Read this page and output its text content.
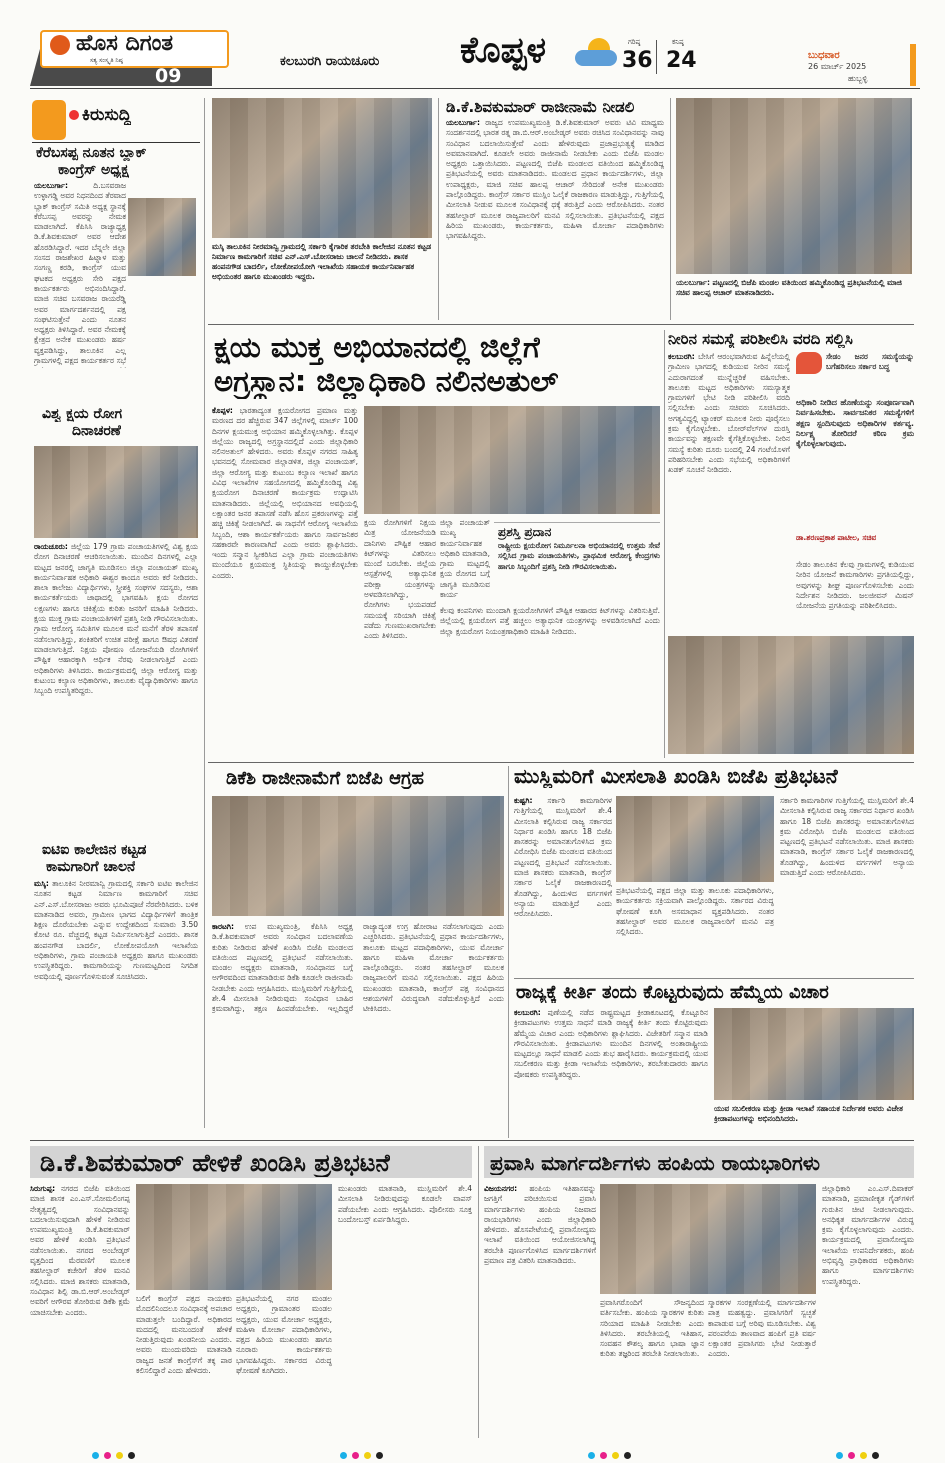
ಹೊಸ ದಿಗಂತ
ಸತ್ಯ ಸಂಸ್ಕೃತಿ ನಿಷ್ಠ
09
ಕಲಬುರಗಿ ರಾಯಚೂರು ಕೊಪ್ಪಳ	ಗರಿಷ್ಠ
36
ಕನಿಷ್ಠ
24	ಬುಧವಾರ
26 ಮಾರ್ಚ್ 2025
ಹುಬ್ಬಳ್ಳಿ
ಕಿರುಸುದ್ದಿ
ಕೆರೆಬಸಪ್ಪ ನೂತನ ಬ್ಲಾಕ್
ಕಾಂಗ್ರೆಸ್ ಅಧ್ಯಕ್ಷ
ಯಲಬುರ್ಗಾ:	ದಿ.ಬಸವರಾಜ ಉಳ್ಳಾಗಡ್ಡಿ ಅವರ ನಿಧನದಿಂದ ತೆರವಾದ ಬ್ಲಾಕ್ ಕಾಂಗ್ರೆಸ್ ಸಮಿತಿ ಅಧ್ಯಕ್ಷ ಸ್ಥಾನಕ್ಕೆ ಕೆರೆಬಸಪ್ಪ ಅವರನ್ನು ನೇಮಕ ಮಾಡಲಾಗಿದೆ. ಕೆಪಿಸಿಸಿ ರಾಜ್ಯಾಧ್ಯಕ್ಷ ಡಿ.ಕೆ.ಶಿವಕುಮಾರ್ ಅವರ ಆದೇಶ ಹೊರಡಿಸಿದ್ದಾರೆ. ಇದರ ಬೆನ್ನಲೇ ಜಿಲ್ಲಾ ಸಂಸದ ರಾಜಶೇಖರ ಹಿಟ್ನಾಳ ಮತ್ತು ಸಂಗಣ್ಣ ಕರಡಿ, ಕಾಂಗ್ರೆಸ್ ಯುವ ಘಟಕದ ಅಧ್ಯಕ್ಷರು ಸೇರಿ ಪಕ್ಷದ ಕಾರ್ಯಕರ್ತರು ಅಭಿನಂದಿಸಿದ್ದಾರೆ. ಮಾಜಿ ಸಚಿವ ಬಸವರಾಜ ರಾಯರೆಡ್ಡಿ ಅವರ ಮಾರ್ಗದರ್ಶನದಲ್ಲಿ ಪಕ್ಷ ಸಂಘಟಿಸುತ್ತೇನೆ ಎಂದು ನೂತನ ಅಧ್ಯಕ್ಷರು ತಿಳಿಸಿದ್ದಾರೆ. ಅವರ ನೇಮಕಕ್ಕೆ ಕ್ಷೇತ್ರದ ಅನೇಕ ಮುಖಂಡರು ಹರ್ಷ ವ್ಯಕ್ತಪಡಿಸಿದ್ದು, ತಾಲೂಕಿನ ಎಲ್ಲ ಗ್ರಾಮಗಳಲ್ಲಿ ಪಕ್ಷದ ಕಾರ್ಯಕರ್ತರ ಸಭೆ
ವಿಶ್ವ ಕ್ಷಯ ರೋಗ
ದಿನಾಚರಣೆ
ರಾಯಚೂರು: ಜಿಲ್ಲೆಯ 179 ಗ್ರಾಮ ಪಂಚಾಯತಿಗಳಲ್ಲಿ ವಿಶ್ವ ಕ್ಷಯ ರೋಗ ದಿನಾಚರಣೆ ಆಚರಿಸಲಾಯಿತು. ಮುಂದಿನ ದಿನಗಳಲ್ಲಿ ಎಲ್ಲಾ ಮಟ್ಟದ ಜನರಲ್ಲಿ ಜಾಗೃತಿ ಮೂಡಿಸಲು ಜಿಲ್ಲಾ ಪಂಚಾಯತ್ ಮುಖ್ಯ ಕಾರ್ಯನಿರ್ವಾಹಕ ಅಧಿಕಾರಿ ಈಶ್ವರ ಕಾಂದೂ ಅವರು ಕರೆ ನೀಡಿದರು. ಶಾಲಾ ಕಾಲೇಜು ವಿದ್ಯಾರ್ಥಿಗಳು, ಸ್ತ್ರೀಶಕ್ತಿ ಸಂಘಗಳ ಸದಸ್ಯರು, ಆಶಾ ಕಾರ್ಯಕರ್ತೆಯರು ಜಾಥಾದಲ್ಲಿ ಭಾಗವಹಿಸಿ ಕ್ಷಯ ರೋಗದ ಲಕ್ಷಣಗಳು ಹಾಗೂ ಚಿಕಿತ್ಸೆಯ ಕುರಿತು ಜನರಿಗೆ ಮಾಹಿತಿ ನೀಡಿದರು. ಕ್ಷಯ ಮುಕ್ತ ಗ್ರಾಮ ಪಂಚಾಯತಿಗಳಿಗೆ ಪ್ರಶಸ್ತಿ ನೀಡಿ ಗೌರವಿಸಲಾಯಿತು. ಗ್ರಾಮ ಆರೋಗ್ಯ ಸಮಿತಿಗಳ ಮೂಲಕ ಮನೆ ಮನೆಗೆ ತೆರಳಿ ತಪಾಸಣೆ ನಡೆಸಲಾಗುತ್ತಿದ್ದು, ಶಂಕಿತರಿಗೆ ಉಚಿತ ಪರೀಕ್ಷೆ ಹಾಗೂ ಔಷಧ ವಿತರಣೆ ಮಾಡಲಾಗುತ್ತಿದೆ. ನಿಕ್ಷಯ ಪೋಷಣ ಯೋಜನೆಯಡಿ ರೋಗಿಗಳಿಗೆ ಪೌಷ್ಟಿಕ ಆಹಾರಕ್ಕಾಗಿ ಆರ್ಥಿಕ ನೆರವು ನೀಡಲಾಗುತ್ತಿದೆ ಎಂದು ಅಧಿಕಾರಿಗಳು ತಿಳಿಸಿದರು. ಕಾರ್ಯಕ್ರಮದಲ್ಲಿ ಜಿಲ್ಲಾ ಆರೋಗ್ಯ ಮತ್ತು ಕುಟುಂಬ ಕಲ್ಯಾಣ ಅಧಿಕಾರಿಗಳು, ತಾಲೂಕು ವೈದ್ಯಾಧಿಕಾರಿಗಳು ಹಾಗೂ ಸಿಬ್ಬಂದಿ ಉಪಸ್ಥಿತರಿದ್ದರು.
ಐಟಿಐ ಕಾಲೇಜಿನ ಕಟ್ಟಡ
ಕಾಮಗಾರಿಗೆ ಚಾಲನೆ
ಮಸ್ಕಿ: ತಾಲೂಕಿನ ನೀರಮಾನ್ವಿ ಗ್ರಾಮದಲ್ಲಿ ಸರ್ಕಾರಿ ಐಟಿಐ ಕಾಲೇಜಿನ ನೂತನ ಕಟ್ಟಡ ನಿರ್ಮಾಣ ಕಾಮಗಾರಿಗೆ ಸಚಿವ ಎನ್.ಎಸ್.ಬೋಸರಾಜು ಅವರು ಭೂಮಿಪೂಜೆ ನೆರವೇರಿಸಿದರು. ಬಳಿಕ ಮಾತನಾಡಿದ ಅವರು, ಗ್ರಾಮೀಣ ಭಾಗದ ವಿದ್ಯಾರ್ಥಿಗಳಿಗೆ ತಾಂತ್ರಿಕ ಶಿಕ್ಷಣ ದೊರೆಯಬೇಕು ಎನ್ನುವ ಉದ್ದೇಶದಿಂದ ಸುಮಾರು 3.50 ಕೋಟಿ ರೂ. ವೆಚ್ಚದಲ್ಲಿ ಕಟ್ಟಡ ನಿರ್ಮಿಸಲಾಗುತ್ತಿದೆ ಎಂದರು. ಶಾಸಕ ಹಂಪನಗೌಡ ಬಾದರ್ಲಿ, ಲೋಕೋಪಯೋಗಿ ಇಲಾಖೆಯ ಅಧಿಕಾರಿಗಳು, ಗ್ರಾಮ ಪಂಚಾಯತಿ ಅಧ್ಯಕ್ಷರು ಹಾಗೂ ಮುಖಂಡರು ಉಪಸ್ಥಿತರಿದ್ದರು. ಕಾಮಗಾರಿಯನ್ನು ಗುಣಮಟ್ಟದಿಂದ ನಿಗದಿತ ಅವಧಿಯಲ್ಲಿ ಪೂರ್ಣಗೊಳಿಸುವಂತೆ ಸೂಚಿಸಿದರು.
ಮಸ್ಕಿ ತಾಲೂಕಿನ ನೀರಮಾನ್ವಿ ಗ್ರಾಮದಲ್ಲಿ ಸರ್ಕಾರಿ ಕೈಗಾರಿಕ ತರಬೇತಿ ಕಾಲೇಜಿನ ನೂತನ ಕಟ್ಟಡ ನಿರ್ಮಾಣ ಕಾಮಗಾರಿಗೆ ಸಚಿವ ಎನ್.ಎಸ್.ಬೋಸರಾಜು ಚಾಲನೆ ನೀಡಿದರು. ಶಾಸಕ ಹಂಪನಗೌಡ ಬಾದರ್ಲಿ, ಲೋಕೋಪಯೋಗಿ ಇಲಾಖೆಯ ಸಹಾಯಕ ಕಾರ್ಯನಿರ್ವಾಹಕ ಅಭಿಯಂತರ ಹಾಗೂ ಮುಖಂಡರು ಇದ್ದರು.
ಡಿ.ಕೆ.ಶಿವಕುಮಾರ್ ರಾಜೀನಾಮೆ ನೀಡಲಿ
ಯಲಬುರ್ಗಾ: ರಾಜ್ಯದ ಉಪಮುಖ್ಯಮಂತ್ರಿ ಡಿ.ಕೆ.ಶಿವಕುಮಾರ್ ಅವರು ಟಿವಿ ಮಾಧ್ಯಮ ಸಂದರ್ಶನದಲ್ಲಿ ಭಾರತ ರತ್ನ ಡಾ.ಬಿ.ಆರ್.ಅಂಬೇಡ್ಕರ್ ಅವರು ರಚಿಸಿದ ಸಂವಿಧಾನವನ್ನು ನಾವು ಸಂವಿಧಾನ ಬದಲಾಯಿಸುತ್ತೇವೆ ಎಂದು ಹೇಳಿರುವುದು ಪ್ರಜಾಪ್ರಭುತ್ವಕ್ಕೆ ಮಾಡಿದ ಅವಮಾನವಾಗಿದೆ. ಕೂಡಲೇ ಅವರು ರಾಜೀನಾಮೆ ನೀಡಬೇಕು ಎಂದು ಬಿಜೆಪಿ ಮಂಡಲ ಅಧ್ಯಕ್ಷರು ಒತ್ತಾಯಿಸಿದರು. ಪಟ್ಟಣದಲ್ಲಿ ಬಿಜೆಪಿ ಮಂಡಲದ ವತಿಯಿಂದ ಹಮ್ಮಿಕೊಂಡಿದ್ದ ಪ್ರತಿಭಟನೆಯಲ್ಲಿ ಅವರು ಮಾತನಾಡಿದರು. ಮಂಡಲದ ಪ್ರಧಾನ ಕಾರ್ಯದರ್ಶಿಗಳು, ಜಿಲ್ಲಾ ಉಪಾಧ್ಯಕ್ಷರು, ಮಾಜಿ ಸಚಿವ ಹಾಲಪ್ಪ ಆಚಾರ್ ಸೇರಿದಂತೆ ಅನೇಕ ಮುಖಂಡರು ಪಾಲ್ಗೊಂಡಿದ್ದರು. ಕಾಂಗ್ರೆಸ್ ಸರ್ಕಾರ ಮುಸ್ಲಿಂ ಓಲೈಕೆ ರಾಜಕಾರಣ ಮಾಡುತ್ತಿದ್ದು, ಗುತ್ತಿಗೆಯಲ್ಲಿ ಮೀಸಲಾತಿ ನೀಡುವ ಮೂಲಕ ಸಂವಿಧಾನಕ್ಕೆ ಧಕ್ಕೆ ತರುತ್ತಿದೆ ಎಂದು ಆರೋಪಿಸಿದರು. ನಂತರ ತಹಸೀಲ್ದಾರ್ ಮೂಲಕ ರಾಜ್ಯಪಾಲರಿಗೆ ಮನವಿ ಸಲ್ಲಿಸಲಾಯಿತು. ಪ್ರತಿಭಟನೆಯಲ್ಲಿ ಪಕ್ಷದ ಹಿರಿಯ ಮುಖಂಡರು, ಕಾರ್ಯಕರ್ತರು, ಮಹಿಳಾ ಮೋರ್ಚಾ ಪದಾಧಿಕಾರಿಗಳು ಭಾಗವಹಿಸಿದ್ದರು.
ಯಲಬುರ್ಗಾ: ಪಟ್ಟಣದಲ್ಲಿ ಬಿಜೆಪಿ ಮಂಡಲ ವತಿಯಿಂದ ಹಮ್ಮಿಕೊಂಡಿದ್ದ ಪ್ರತಿಭಟನೆಯಲ್ಲಿ ಮಾಜಿ ಸಚಿವ ಹಾಲಪ್ಪ ಆಚಾರ್ ಮಾತನಾಡಿದರು.
ಕ್ಷಯ ಮುಕ್ತ ಅಭಿಯಾನದಲ್ಲಿ ಜಿಲ್ಲೆಗೆ
ಅಗ್ರಸ್ಥಾನ: ಜಿಲ್ಲಾಧಿಕಾರಿ ನಲಿನಅತುಲ್
ಕೊಪ್ಪಳ: ಭಾರತಾದ್ಯಂತ ಕ್ಷಯರೋಗದ ಪ್ರಮಾಣ ಮತ್ತು ಮರಣದ ದರ ಹೆಚ್ಚಿರುವ 347 ಜಿಲ್ಲೆಗಳಲ್ಲಿ ಮಾರ್ಚ್ 100 ದಿನಗಳ ಕ್ಷಯಮುಕ್ತ ಅಭಿಯಾನ ಹಮ್ಮಿಕೊಳ್ಳಲಾಗಿತ್ತು. ಕೊಪ್ಪಳ ಜಿಲ್ಲೆಯು ರಾಜ್ಯದಲ್ಲಿ ಅಗ್ರಸ್ಥಾನದಲ್ಲಿದೆ ಎಂದು ಜಿಲ್ಲಾಧಿಕಾರಿ ನಲಿನಅತುಲ್ ಹೇಳಿದರು. ಅವರು ಕೊಪ್ಪಳ ನಗರದ ಸಾಹಿತ್ಯ ಭವನದಲ್ಲಿ ಸೋಮವಾರ ಜಿಲ್ಲಾಡಳಿತ, ಜಿಲ್ಲಾ ಪಂಚಾಯತ್, ಜಿಲ್ಲಾ ಆರೋಗ್ಯ ಮತ್ತು ಕುಟುಂಬ ಕಲ್ಯಾಣ ಇಲಾಖೆ ಹಾಗೂ ವಿವಿಧ ಇಲಾಖೆಗಳ ಸಹಯೋಗದಲ್ಲಿ ಹಮ್ಮಿಕೊಂಡಿದ್ದ ವಿಶ್ವ ಕ್ಷಯರೋಗ ದಿನಾಚರಣೆ ಕಾರ್ಯಕ್ರಮ ಉದ್ಘಾಟಿಸಿ ಮಾತನಾಡಿದರು. ಜಿಲ್ಲೆಯಲ್ಲಿ ಅಭಿಯಾನದ ಅವಧಿಯಲ್ಲಿ ಲಕ್ಷಾಂತರ ಜನರ ತಪಾಸಣೆ ನಡೆಸಿ ಹೊಸ ಪ್ರಕರಣಗಳನ್ನು ಪತ್ತೆ ಹಚ್ಚಿ ಚಿಕಿತ್ಸೆ ನೀಡಲಾಗಿದೆ. ಈ ಸಾಧನೆಗೆ ಆರೋಗ್ಯ ಇಲಾಖೆಯ ಸಿಬ್ಬಂದಿ, ಆಶಾ ಕಾರ್ಯಕರ್ತೆಯರು ಹಾಗೂ ಸಾರ್ವಜನಿಕರ ಸಹಕಾರವೇ ಕಾರಣವಾಗಿದೆ ಎಂದು ಅವರು ಶ್ಲಾಘಿಸಿದರು. ಇಂದು ಸನ್ಮಾನ ಸ್ವೀಕರಿಸಿದ ಎಲ್ಲಾ ಗ್ರಾಮ ಪಂಚಾಯತಿಗಳು ಮುಂದೆಯೂ ಕ್ಷಯಮುಕ್ತ ಸ್ಥಿತಿಯನ್ನು ಕಾಯ್ದುಕೊಳ್ಳಬೇಕು ಎಂದರು.
ಕ್ಷಯ ರೋಗಿಗಳಿಗೆ ನಿಕ್ಷಯ ಮಿತ್ರ ಯೋಜನೆಯಡಿ ದಾನಿಗಳು ಪೌಷ್ಟಿಕ ಆಹಾರ ಕಿಟ್‌ಗಳನ್ನು ವಿತರಿಸಲು ಮುಂದೆ ಬರಬೇಕು. ಜಿಲ್ಲೆಯ ಆಸ್ಪತ್ರೆಗಳಲ್ಲಿ ಅತ್ಯಾಧುನಿಕ ಪರೀಕ್ಷಾ ಯಂತ್ರಗಳನ್ನು ಅಳವಡಿಸಲಾಗಿದ್ದು, ರೋಗಿಗಳು ಭಯಪಡದೆ ಸಮಯಕ್ಕೆ ಸರಿಯಾಗಿ ಚಿಕಿತ್ಸೆ ಪಡೆದು ಗುಣಮುಖರಾಗಬೇಕು ಎಂದು ತಿಳಿಸಿದರು.
ಜಿಲ್ಲಾ ಪಂಚಾಯತ್ ಮುಖ್ಯ ಕಾರ್ಯನಿರ್ವಾಹಕ ಅಧಿಕಾರಿ ಮಾತನಾಡಿ, ಗ್ರಾಮ ಮಟ್ಟದಲ್ಲಿ ಕ್ಷಯ ರೋಗದ ಬಗ್ಗೆ ಜಾಗೃತಿ ಮೂಡಿಸುವ ಕಾರ್ಯ
ಪ್ರಶಸ್ತಿ ಪ್ರದಾನ
ರಾಷ್ಟ್ರೀಯ ಕ್ಷಯರೋಗ ನಿರ್ಮೂಲನಾ ಅಭಿಯಾನದಲ್ಲಿ ಉತ್ತಮ ಸೇವೆ ಸಲ್ಲಿಸಿದ ಗ್ರಾಮ ಪಂಚಾಯತಿಗಳು, ಪ್ರಾಥಮಿಕ ಆರೋಗ್ಯ ಕೇಂದ್ರಗಳು ಹಾಗೂ ಸಿಬ್ಬಂದಿಗೆ ಪ್ರಶಸ್ತಿ ನೀಡಿ ಗೌರವಿಸಲಾಯಿತು.
ಕೆಲವು ಕಂಪನಿಗಳು ಮುಂದಾಗಿ ಕ್ಷಯರೋಗಿಗಳಿಗೆ ಪೌಷ್ಟಿಕ ಆಹಾರದ ಕಿಟ್‌ಗಳನ್ನು ವಿತರಿಸುತ್ತಿವೆ. ಜಿಲ್ಲೆಯಲ್ಲಿ ಕ್ಷಯರೋಗ ಪತ್ತೆ ಹಚ್ಚಲು ಅತ್ಯಾಧುನಿಕ ಯಂತ್ರಗಳನ್ನು ಅಳವಡಿಸಲಾಗಿದೆ ಎಂದು ಜಿಲ್ಲಾ ಕ್ಷಯರೋಗ ನಿಯಂತ್ರಣಾಧಿಕಾರಿ ಮಾಹಿತಿ ನೀಡಿದರು.
ನೀರಿನ ಸಮಸ್ಯೆ ಪರಿಶೀಲಿಸಿ ವರದಿ ಸಲ್ಲಿಸಿ
ಕಲಬುರಗಿ: ಬೇಸಿಗೆ ಆರಂಭವಾಗಿರುವ ಹಿನ್ನೆಲೆಯಲ್ಲಿ ಗ್ರಾಮೀಣ ಭಾಗದಲ್ಲಿ ಕುಡಿಯುವ ನೀರಿನ ಸಮಸ್ಯೆ ಎದುರಾಗದಂತೆ ಮುನ್ನೆಚ್ಚರಿಕೆ ವಹಿಸಬೇಕು. ತಾಲೂಕು ಮಟ್ಟದ ಅಧಿಕಾರಿಗಳು ಸಮಸ್ಯಾತ್ಮಕ ಗ್ರಾಮಗಳಿಗೆ ಭೇಟಿ ನೀಡಿ ಪರಿಶೀಲಿಸಿ ವರದಿ ಸಲ್ಲಿಸಬೇಕು ಎಂದು ಸಚಿವರು ಸೂಚಿಸಿದರು. ಅಗತ್ಯವಿದ್ದಲ್ಲಿ ಟ್ಯಾಂಕರ್ ಮೂಲಕ ನೀರು ಪೂರೈಸಲು ಕ್ರಮ ಕೈಗೊಳ್ಳಬೇಕು. ಬೋರ್‌ವೆಲ್‌ಗಳ ದುರಸ್ತಿ ಕಾರ್ಯವನ್ನು ತಕ್ಷಣವೇ ಕೈಗೆತ್ತಿಕೊಳ್ಳಬೇಕು. ನೀರಿನ ಸಮಸ್ಯೆ ಕುರಿತು ದೂರು ಬಂದಲ್ಲಿ 24 ಗಂಟೆಯೊಳಗೆ ಪರಿಹರಿಸಬೇಕು ಎಂದು ಸಭೆಯಲ್ಲಿ ಅಧಿಕಾರಿಗಳಿಗೆ ಖಡಕ್ ಸೂಚನೆ ನೀಡಿದರು.
ಸೇಡಂ ಜನರ ಸಮಸ್ಯೆಯನ್ನು ಬಗೆಹರಿಸಲು ಸರ್ಕಾರ ಬದ್ಧ
ಅಧಿಕಾರಿ ನೀಡಿದ ಹೊಣೆಯನ್ನು ಸಂಪೂರ್ಣವಾಗಿ ನಿರ್ವಹಿಸಬೇಕು. ಸಾರ್ವಜನಿಕರ ಸಮಸ್ಯೆಗಳಿಗೆ ತಕ್ಷಣ ಸ್ಪಂದಿಸುವುದು ಅಧಿಕಾರಿಗಳ ಕರ್ತವ್ಯ. ನಿರ್ಲಕ್ಷ್ಯ ತೋರಿದರೆ ಕಠಿಣ ಕ್ರಮ ಕೈಗೊಳ್ಳಲಾಗುವುದು.
ಡಾ.ಶರಣಪ್ರಕಾಶ ಪಾಟೀಲ, ಸಚಿವ
ಸೇಡಂ ತಾಲೂಕಿನ ಕೆಲವು ಗ್ರಾಮಗಳಲ್ಲಿ ಕುಡಿಯುವ ನೀರಿನ ಯೋಜನೆ ಕಾಮಗಾರಿಗಳು ಪ್ರಗತಿಯಲ್ಲಿದ್ದು, ಅವುಗಳನ್ನು ಶೀಘ್ರ ಪೂರ್ಣಗೊಳಿಸಬೇಕು ಎಂದು ನಿರ್ದೇಶನ ನೀಡಿದರು. ಜಲಜೀವನ್ ಮಿಷನ್ ಯೋಜನೆಯ ಪ್ರಗತಿಯನ್ನು ಪರಿಶೀಲಿಸಿದರು.
ಡಿಕೆಶಿ ರಾಜೀನಾಮೆಗೆ ಬಿಜೆಪಿ ಆಗ್ರಹ
ಕಾರಟಗಿ: ಉಪ ಮುಖ್ಯಮಂತ್ರಿ, ಕೆಪಿಸಿಸಿ ಅಧ್ಯಕ್ಷ ಡಿ.ಕೆ.ಶಿವಕುಮಾರ್ ಅವರು ಸಂವಿಧಾನ ಬದಲಾವಣೆಯ ಕುರಿತು ನೀಡಿರುವ ಹೇಳಿಕೆ ಖಂಡಿಸಿ ಬಿಜೆಪಿ ಮಂಡಲದ ವತಿಯಿಂದ ಪಟ್ಟಣದಲ್ಲಿ ಪ್ರತಿಭಟನೆ ನಡೆಸಲಾಯಿತು. ಮಂಡಲ ಅಧ್ಯಕ್ಷರು ಮಾತನಾಡಿ, ಸಂವಿಧಾನದ ಬಗ್ಗೆ ಅಗೌರವದಿಂದ ಮಾತನಾಡಿರುವ ಡಿಕೆಶಿ ಕೂಡಲೇ ರಾಜೀನಾಮೆ ನೀಡಬೇಕು ಎಂದು ಆಗ್ರಹಿಸಿದರು. ಮುಸ್ಲಿಮರಿಗೆ ಗುತ್ತಿಗೆಯಲ್ಲಿ ಶೇ.4 ಮೀಸಲಾತಿ ನೀಡಿರುವುದು ಸಂವಿಧಾನ ಬಾಹಿರ ಕ್ರಮವಾಗಿದ್ದು, ತಕ್ಷಣ ಹಿಂಪಡೆಯಬೇಕು. ಇಲ್ಲದಿದ್ದರೆ ರಾಜ್ಯಾದ್ಯಂತ ಉಗ್ರ ಹೋರಾಟ ನಡೆಸಲಾಗುವುದು ಎಂದು ಎಚ್ಚರಿಸಿದರು. ಪ್ರತಿಭಟನೆಯಲ್ಲಿ ಪ್ರಧಾನ ಕಾರ್ಯದರ್ಶಿಗಳು, ತಾಲೂಕು ಮಟ್ಟದ ಪದಾಧಿಕಾರಿಗಳು, ಯುವ ಮೋರ್ಚಾ ಹಾಗೂ ಮಹಿಳಾ ಮೋರ್ಚಾ ಕಾರ್ಯಕರ್ತರು ಪಾಲ್ಗೊಂಡಿದ್ದರು. ನಂತರ ತಹಸೀಲ್ದಾರ್ ಮೂಲಕ ರಾಜ್ಯಪಾಲರಿಗೆ ಮನವಿ ಸಲ್ಲಿಸಲಾಯಿತು. ಪಕ್ಷದ ಹಿರಿಯ ಮುಖಂಡರು ಮಾತನಾಡಿ, ಕಾಂಗ್ರೆಸ್ ಪಕ್ಷ ಸಂವಿಧಾನದ ಆಶಯಗಳಿಗೆ ವಿರುದ್ಧವಾಗಿ ನಡೆದುಕೊಳ್ಳುತ್ತಿದೆ ಎಂದು ಟೀಕಿಸಿದರು.
ಮುಸ್ಲಿಮರಿಗೆ ಮೀಸಲಾತಿ ಖಂಡಿಸಿ ಬಿಜೆಪಿ ಪ್ರತಿಭಟನೆ
ಕುಷ್ಟಗಿ: ಸರ್ಕಾರಿ ಕಾಮಗಾರಿಗಳ ಗುತ್ತಿಗೆಯಲ್ಲಿ ಮುಸ್ಲಿಮರಿಗೆ ಶೇ.4 ಮೀಸಲಾತಿ ಕಲ್ಪಿಸಿರುವ ರಾಜ್ಯ ಸರ್ಕಾರದ ನಿರ್ಧಾರ ಖಂಡಿಸಿ ಹಾಗೂ 18 ಬಿಜೆಪಿ ಶಾಸಕರನ್ನು ಅಮಾನತುಗೊಳಿಸಿದ ಕ್ರಮ ವಿರೋಧಿಸಿ ಬಿಜೆಪಿ ಮಂಡಲದ ವತಿಯಿಂದ ಪಟ್ಟಣದಲ್ಲಿ ಪ್ರತಿಭಟನೆ ನಡೆಸಲಾಯಿತು. ಮಾಜಿ ಶಾಸಕರು ಮಾತನಾಡಿ, ಕಾಂಗ್ರೆಸ್ ಸರ್ಕಾರ ಓಲೈಕೆ ರಾಜಕಾರಣದಲ್ಲಿ ತೊಡಗಿದ್ದು, ಹಿಂದುಳಿದ ವರ್ಗಗಳಿಗೆ ಅನ್ಯಾಯ ಮಾಡುತ್ತಿದೆ ಎಂದು ಆರೋಪಿಸಿದರು.
ಪ್ರತಿಭಟನೆಯಲ್ಲಿ ಪಕ್ಷದ ಜಿಲ್ಲಾ ಮತ್ತು ತಾಲೂಕು ಪದಾಧಿಕಾರಿಗಳು, ಕಾರ್ಯಕರ್ತರು ಸಕ್ರಿಯವಾಗಿ ಪಾಲ್ಗೊಂಡಿದ್ದರು. ಸರ್ಕಾರದ ವಿರುದ್ಧ ಘೋಷಣೆ ಕೂಗಿ ಅಸಮಾಧಾನ ವ್ಯಕ್ತಪಡಿಸಿದರು. ನಂತರ ತಹಸೀಲ್ದಾರ್ ಅವರ ಮೂಲಕ ರಾಜ್ಯಪಾಲರಿಗೆ ಮನವಿ ಪತ್ರ ಸಲ್ಲಿಸಿದರು.
ಸರ್ಕಾರಿ ಕಾಮಗಾರಿಗಳ ಗುತ್ತಿಗೆಯಲ್ಲಿ ಮುಸ್ಲಿಮರಿಗೆ ಶೇ.4 ಮೀಸಲಾತಿ ಕಲ್ಪಿಸಿರುವ ರಾಜ್ಯ ಸರ್ಕಾರದ ನಿರ್ಧಾರ ಖಂಡಿಸಿ ಹಾಗೂ 18 ಬಿಜೆಪಿ ಶಾಸಕರನ್ನು ಅಮಾನತುಗೊಳಿಸಿದ ಕ್ರಮ ವಿರೋಧಿಸಿ ಬಿಜೆಪಿ ಮಂಡಲದ ವತಿಯಿಂದ ಪಟ್ಟಣದಲ್ಲಿ ಪ್ರತಿಭಟನೆ ನಡೆಸಲಾಯಿತು. ಮಾಜಿ ಶಾಸಕರು ಮಾತನಾಡಿ, ಕಾಂಗ್ರೆಸ್ ಸರ್ಕಾರ ಓಲೈಕೆ ರಾಜಕಾರಣದಲ್ಲಿ ತೊಡಗಿದ್ದು, ಹಿಂದುಳಿದ ವರ್ಗಗಳಿಗೆ ಅನ್ಯಾಯ ಮಾಡುತ್ತಿದೆ ಎಂದು ಆರೋಪಿಸಿದರು.
ರಾಜ್ಯಕ್ಕೆ ಕೀರ್ತಿ ತಂದು ಕೊಟ್ಟರುವುದು ಹೆಮ್ಮೆಯ ವಿಚಾರ
ಕಲಬುರಗಿ: ಪುಣೆಯಲ್ಲಿ ನಡೆದ ರಾಷ್ಟ್ರಮಟ್ಟದ ಕ್ರೀಡಾಕೂಟದಲ್ಲಿ ಕೊಟ್ಟೂರಿನ ಕ್ರೀಡಾಪಟುಗಳು ಉತ್ತಮ ಸಾಧನೆ ಮಾಡಿ ರಾಜ್ಯಕ್ಕೆ ಕೀರ್ತಿ ತಂದು ಕೊಟ್ಟಿರುವುದು ಹೆಮ್ಮೆಯ ವಿಚಾರ ಎಂದು ಅಧಿಕಾರಿಗಳು ಶ್ಲಾಘಿಸಿದರು. ವಿಜೇತರಿಗೆ ಸನ್ಮಾನ ಮಾಡಿ ಗೌರವಿಸಲಾಯಿತು. ಕ್ರೀಡಾಪಟುಗಳು ಮುಂದಿನ ದಿನಗಳಲ್ಲಿ ಅಂತಾರಾಷ್ಟ್ರೀಯ ಮಟ್ಟದಲ್ಲೂ ಸಾಧನೆ ಮಾಡಲಿ ಎಂದು ಶುಭ ಹಾರೈಸಿದರು. ಕಾರ್ಯಕ್ರಮದಲ್ಲಿ ಯುವ ಸಬಲೀಕರಣ ಮತ್ತು ಕ್ರೀಡಾ ಇಲಾಖೆಯ ಅಧಿಕಾರಿಗಳು, ತರಬೇತುದಾರರು ಹಾಗೂ ಪೋಷಕರು ಉಪಸ್ಥಿತರಿದ್ದರು.
ಯುವ ಸಬಲೀಕರಣ ಮತ್ತು ಕ್ರೀಡಾ ಇಲಾಖೆ ಸಹಾಯಕ ನಿರ್ದೇಶಕ ಅವರು ವಿಜೇತ ಕ್ರೀಡಾಪಟುಗಳನ್ನು ಅಭಿನಂದಿಸಿದರು.
ಡಿ.ಕೆ.ಶಿವಕುಮಾರ್ ಹೇಳಿಕೆ ಖಂಡಿಸಿ ಪ್ರತಿಭಟನೆ
ಸಿರುಗುಪ್ಪ: ನಗರದ ಬಿಜೆಪಿ ವತಿಯಿಂದ ಮಾಜಿ ಶಾಸಕ ಎಂ.ಎಸ್.ಸೋಮಲಿಂಗಪ್ಪ ನೇತೃತ್ವದಲ್ಲಿ ಸಂವಿಧಾನವನ್ನು ಬದಲಾಯಿಸುವುದಾಗಿ ಹೇಳಿಕೆ ನೀಡಿರುವ ಉಪಮುಖ್ಯಮಂತ್ರಿ ಡಿ.ಕೆ.ಶಿವಕುಮಾರ್ ಅವರ ಹೇಳಿಕೆ ಖಂಡಿಸಿ ಪ್ರತಿಭಟನೆ ನಡೆಸಲಾಯಿತು. ನಗರದ ಅಂಬೇಡ್ಕರ್ ವೃತ್ತದಿಂದ ಮೆರವಣಿಗೆ ಮೂಲಕ ತಹಸೀಲ್ದಾರ್ ಕಚೇರಿಗೆ ತೆರಳಿ ಮನವಿ ಸಲ್ಲಿಸಿದರು. ಮಾಜಿ ಶಾಸಕರು ಮಾತನಾಡಿ, ಸಂವಿಧಾನ ಶಿಲ್ಪಿ ಡಾ.ಬಿ.ಆರ್.ಅಂಬೇಡ್ಕರ್ ಅವರಿಗೆ ಅಗೌರವ ತೋರಿರುವ ಡಿಕೆಶಿ ಕ್ಷಮೆ ಯಾಚಿಸಬೇಕು ಎಂದರು.
ಬಲಿಗೆ ಕಾಂಗ್ರೆಸ್ ಪಕ್ಷದ ನಾಯಕರು ಮೊದಲಿನಿಂದಲೂ ಸಂವಿಧಾನಕ್ಕೆ ಅಪಚಾರ ಮಾಡುತ್ತಲೇ ಬಂದಿದ್ದಾರೆ. ಅಧಿಕಾರದ ಮದದಲ್ಲಿ ಮನಬಂದಂತೆ ಹೇಳಿಕೆ ನೀಡುತ್ತಿರುವುದು ಖಂಡನೀಯ ಎಂದರು. ಅವರು ಮುಂದುವರಿದು ಮಾತನಾಡಿ ರಾಜ್ಯದ ಜನತೆ ಕಾಂಗ್ರೆಸ್‌ಗೆ ತಕ್ಕ ಪಾಠ ಕಲಿಸಲಿದ್ದಾರೆ ಎಂದು ಹೇಳಿದರು.
ಪ್ರತಿಭಟನೆಯಲ್ಲಿ ನಗರ ಮಂಡಲ ಅಧ್ಯಕ್ಷರು, ಗ್ರಾಮಾಂತರ ಮಂಡಲ ಅಧ್ಯಕ್ಷರು, ಯುವ ಮೋರ್ಚಾ ಅಧ್ಯಕ್ಷರು, ಮಹಿಳಾ ಮೋರ್ಚಾ ಪದಾಧಿಕಾರಿಗಳು, ಪಕ್ಷದ ಹಿರಿಯ ಮುಖಂಡರು ಹಾಗೂ ನೂರಾರು ಕಾರ್ಯಕರ್ತರು ಭಾಗವಹಿಸಿದ್ದರು. ಸರ್ಕಾರದ ವಿರುದ್ಧ ಘೋಷಣೆ ಕೂಗಿದರು.
ಮುಖಂಡರು ಮಾತನಾಡಿ, ಮುಸ್ಲಿಮರಿಗೆ ಶೇ.4 ಮೀಸಲಾತಿ ನೀಡಿರುವುದನ್ನು ಕೂಡಲೇ ವಾಪಸ್ ಪಡೆಯಬೇಕು ಎಂದು ಆಗ್ರಹಿಸಿದರು. ಪೊಲೀಸರು ಸೂಕ್ತ ಬಂದೋಬಸ್ತ್ ಏರ್ಪಡಿಸಿದ್ದರು.
ಪ್ರವಾಸಿ ಮಾರ್ಗದರ್ಶಿಗಳು ಹಂಪಿಯ ರಾಯಭಾರಿಗಳು
ವಿಜಯನಗರ: ಹಂಪಿಯ ಇತಿಹಾಸವನ್ನು ಜಗತ್ತಿಗೆ ಪರಿಚಯಿಸುವ ಪ್ರವಾಸಿ ಮಾರ್ಗದರ್ಶಿಗಳು ಹಂಪಿಯ ನಿಜವಾದ ರಾಯಭಾರಿಗಳು ಎಂದು ಜಿಲ್ಲಾಧಿಕಾರಿ ಹೇಳಿದರು. ಹೊಸಪೇಟೆಯಲ್ಲಿ ಪ್ರವಾಸೋದ್ಯಮ ಇಲಾಖೆ ವತಿಯಿಂದ ಆಯೋಜಿಸಲಾಗಿದ್ದ ತರಬೇತಿ ಪೂರ್ಣಗೊಳಿಸಿದ ಮಾರ್ಗದರ್ಶಿಗಳಿಗೆ ಪ್ರಮಾಣ ಪತ್ರ ವಿತರಿಸಿ ಮಾತನಾಡಿದರು.
ಪ್ರವಾಸಿಗರೊಂದಿಗೆ ಸೌಜನ್ಯದಿಂದ ವರ್ತಿಸಬೇಕು. ಹಂಪಿಯ ಸ್ಮಾರಕಗಳ ಕುರಿತು ಸರಿಯಾದ ಮಾಹಿತಿ ನೀಡಬೇಕು ಎಂದು ತಿಳಿಸಿದರು. ತರಬೇತಿಯಲ್ಲಿ ಇತಿಹಾಸ, ಸಂವಹನ ಕೌಶಲ್ಯ ಹಾಗೂ ಭಾಷಾ ಜ್ಞಾನ ಕುರಿತು ತಜ್ಞರಿಂದ ತರಬೇತಿ ನೀಡಲಾಯಿತು.
ಸ್ಮಾರಕಗಳ ಸಂರಕ್ಷಣೆಯಲ್ಲಿ ಮಾರ್ಗದರ್ಶಿಗಳ ಪಾತ್ರ ಮಹತ್ವದ್ದು. ಪ್ರವಾಸಿಗರಿಗೆ ಸ್ವಚ್ಛತೆ ಕಾಪಾಡುವ ಬಗ್ಗೆ ಅರಿವು ಮೂಡಿಸಬೇಕು. ವಿಶ್ವ ಪರಂಪರೆಯ ತಾಣವಾದ ಹಂಪಿಗೆ ಪ್ರತಿ ವರ್ಷ ಲಕ್ಷಾಂತರ ಪ್ರವಾಸಿಗರು ಭೇಟಿ ನೀಡುತ್ತಾರೆ ಎಂದರು.
ಜಿಲ್ಲಾಧಿಕಾರಿ ಎಂ.ಎಸ್.ದಿವಾಕರ್ ಮಾತನಾಡಿ, ಪ್ರಮಾಣೀಕೃತ ಗೈಡ್‌ಗಳಿಗೆ ಗುರುತಿನ ಚೀಟಿ ನೀಡಲಾಗುವುದು. ಅನಧಿಕೃತ ಮಾರ್ಗದರ್ಶಿಗಳ ವಿರುದ್ಧ ಕ್ರಮ ಕೈಗೊಳ್ಳಲಾಗುವುದು ಎಂದರು. ಕಾರ್ಯಕ್ರಮದಲ್ಲಿ ಪ್ರವಾಸೋದ್ಯಮ ಇಲಾಖೆಯ ಉಪನಿರ್ದೇಶಕರು, ಹಂಪಿ ಅಭಿವೃದ್ಧಿ ಪ್ರಾಧಿಕಾರದ ಅಧಿಕಾರಿಗಳು ಹಾಗೂ ಮಾರ್ಗದರ್ಶಿಗಳು ಉಪಸ್ಥಿತರಿದ್ದರು.
